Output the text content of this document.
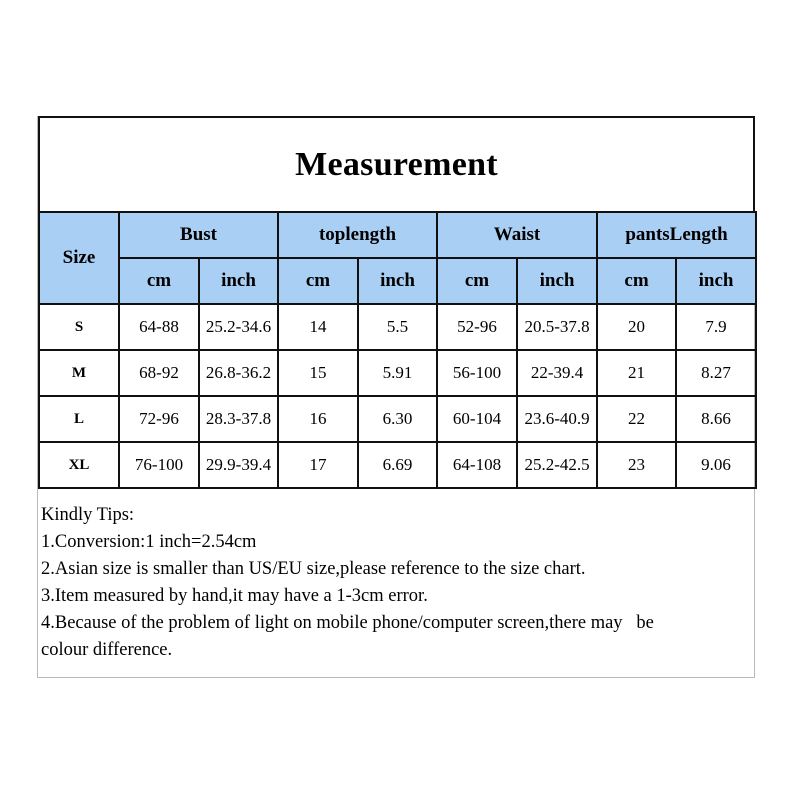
Measurement
Size	Bust		toplength		Waist		pantsLength	
	cm	inch	cm	inch	cm	inch	cm	inch
S	64-88	25.2-34.6	14	5.5	52-96	20.5-37.8	20	7.9
M	68-92	26.8-36.2	15	5.91	56-100	22-39.4	21	8.27
L	72-96	28.3-37.8	16	6.30	60-104	23.6-40.9	22	8.66
XL	76-100	29.9-39.4	17	6.69	64-108	25.2-42.5	23	9.06

Kindly Tips:

1.Conversion:1 inch=2.54cm

2.Asian size is smaller than US/EU size,please reference to the size chart.

3.Item measured by hand,it may have a 1-3cm error.

4.Because of the problem of light on mobile phone/computer screen,there may   be

colour difference.
